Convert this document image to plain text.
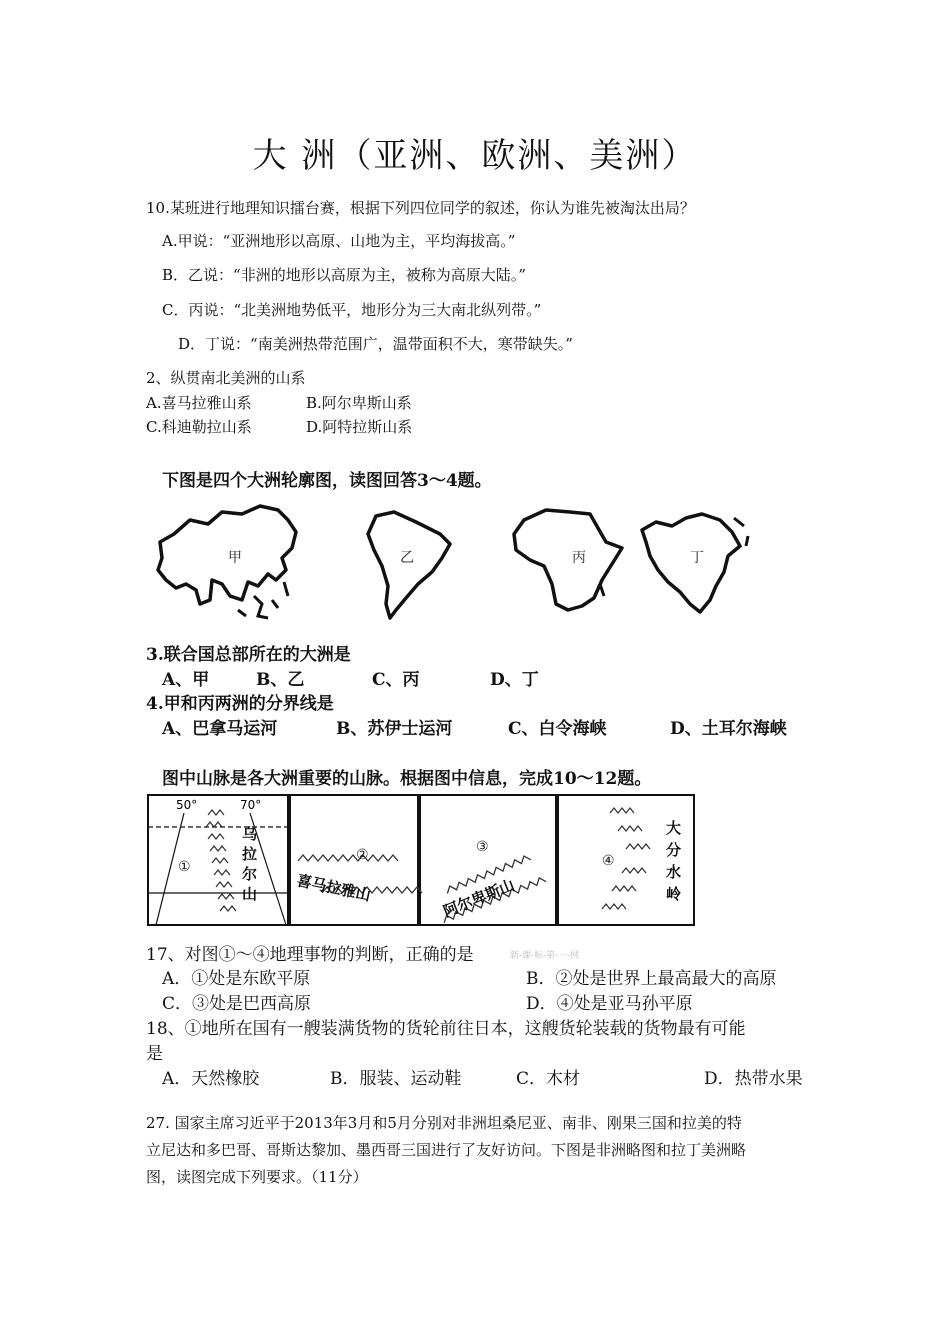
大 洲（亚洲、欧洲、美洲）
10.某班进行地理知识擂台赛，根据下列四位同学的叙述，你认为谁先被淘汰出局？
A.甲说：“亚洲地形以高原、山地为主，平均海拔高。”
B．乙说：“非洲的地形以高原为主，被称为高原大陆。”
C．丙说：“北美洲地势低平，地形分为三大南北纵列带。”
D．丁说：“南美洲热带范围广，温带面积不大，寒带缺失。”
2、纵贯南北美洲的山系
A.喜马拉雅山系	B.阿尔卑斯山系
C.科迪勒拉山系	D.阿特拉斯山系
下图是四个大洲轮廓图，读图回答3～4题。
甲	乙	丙	丁
3.联合国总部所在的大洲是
A、甲	B、乙	C、丙	D、丁
4.甲和丙两洲的分界线是
A、巴拿马运河	B、苏伊士运河	C、白令海峡	D、土耳尔海峡
图中山脉是各大洲重要的山脉。根据图中信息，完成10～12题。
50°	70°
①
乌
拉
尔
山
②
喜马拉雅山
③
阿尔卑斯山
④
大
分
水
岭
17、对图①～④地理事物的判断，正确的是	新-课-标-第-一-网
A．①处是东欧平原	B．②处是世界上最高最大的高原
C．③处是巴西高原	D．④处是亚马孙平原
18、①地所在国有一艘装满货物的货轮前往日本，这艘货轮装载的货物最有可能
是
A．天然橡胶	B．服装、运动鞋	C．木材	D．热带水果
27. 国家主席习近平于2013年3月和5月分别对非洲坦桑尼亚、南非、刚果三国和拉美的特
立尼达和多巴哥、哥斯达黎加、墨西哥三国进行了友好访问。下图是非洲略图和拉丁美洲略
图，读图完成下列要求。（11分）
